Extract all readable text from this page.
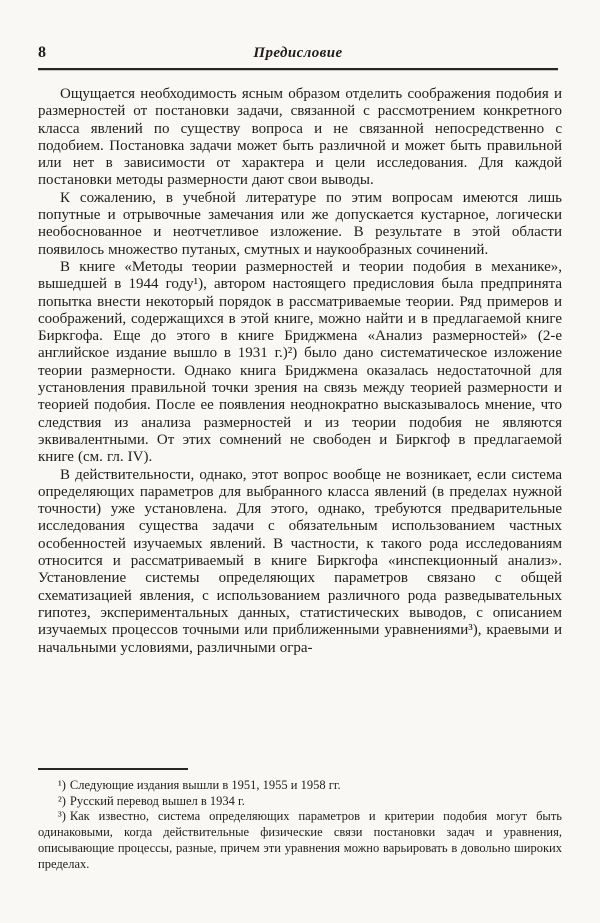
8	Предисловие

Ощущается необходимость ясным образом отделить соображения подобия и размерностей от постановки задачи, связанной с рассмотрением конкретного класса явлений по существу вопроса и не связанной непосредственно с подобием. Постановка задачи может быть различной и может быть правильной или нет в зависимости от характера и цели исследования. Для каждой постановки методы размерности дают свои выводы.

К сожалению, в учебной литературе по этим вопросам имеются лишь попутные и отрывочные замечания или же допускается кустарное, логически необоснованное и неотчетливое изложение. В результате в этой области появилось множество путаных, смутных и наукообразных сочинений.

В книге «Методы теории размерностей и теории подобия в механике», вышедшей в 1944 году¹), автором настоящего предисловия была предпринята попытка внести некоторый порядок в рассматриваемые теории. Ряд примеров и соображений, содержащихся в этой книге, можно найти и в предлагаемой книге Биркгофа. Еще до этого в книге Бриджмена «Анализ размерностей» (2-е английское издание вышло в 1931 г.)²) было дано систематическое изложение теории размерности. Однако книга Бриджмена оказалась недостаточной для установления правильной точки зрения на связь между теорией размерности и теорией подобия. После ее появления неоднократно высказывалось мнение, что следствия из анализа размерностей и из теории подобия не являются эквивалентными. От этих сомнений не свободен и Биркгоф в предлагаемой книге (см. гл. IV).

В действительности, однако, этот вопрос вообще не возникает, если система определяющих параметров для выбранного класса явлений (в пределах нужной точности) уже установлена. Для этого, однако, требуются предварительные исследования существа задачи с обязательным использованием частных особенностей изучаемых явлений. В частности, к такого рода исследованиям относится и рассматриваемый в книге Биркгофа «инспекционный анализ». Установление системы определяющих параметров связано с общей схематизацией явления, с использованием различного рода разведывательных гипотез, экспериментальных данных, статистических выводов, с описанием изучаемых процессов точными или приближенными уравнениями³), краевыми и начальными условиями, различными огра-

¹) Следующие издания вышли в 1951, 1955 и 1958 гг.

²) Русский перевод вышел в 1934 г.

³) Как известно, система определяющих параметров и критерии подобия могут быть одинаковыми, когда действительные физические связи постановки задач и уравнения, описывающие процессы, разные, причем эти уравнения можно варьировать в довольно широких пределах.
